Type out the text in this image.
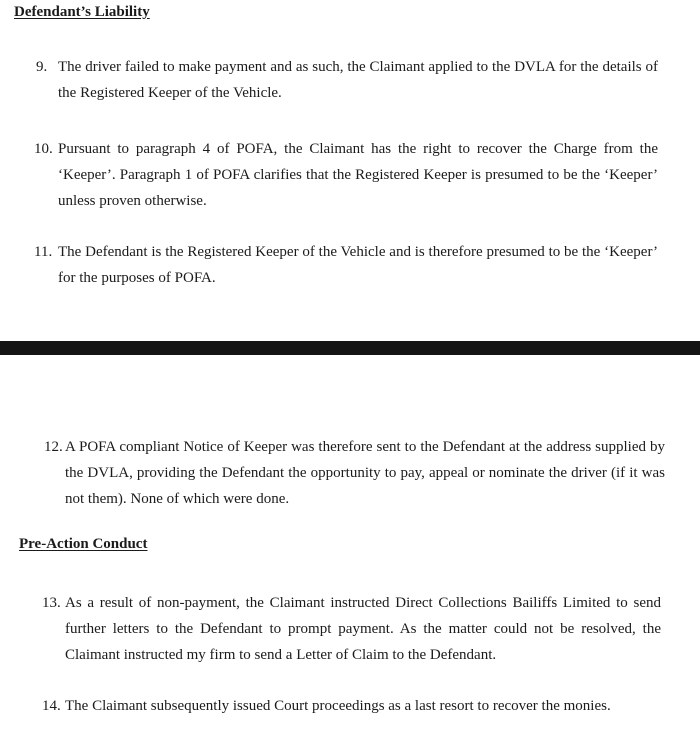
Defendant’s Liability
9. The driver failed to make payment and as such, the Claimant applied to the DVLA for the details of the Registered Keeper of the Vehicle.
10. Pursuant to paragraph 4 of POFA, the Claimant has the right to recover the Charge from the ‘Keeper’. Paragraph 1 of POFA clarifies that the Registered Keeper is presumed to be the ‘Keeper’ unless proven otherwise.
11. The Defendant is the Registered Keeper of the Vehicle and is therefore presumed to be the ‘Keeper’ for the purposes of POFA.
12. A POFA compliant Notice of Keeper was therefore sent to the Defendant at the address supplied by the DVLA, providing the Defendant the opportunity to pay, appeal or nominate the driver (if it was not them). None of which were done.
Pre-Action Conduct
13. As a result of non-payment, the Claimant instructed Direct Collections Bailiffs Limited to send further letters to the Defendant to prompt payment. As the matter could not be resolved, the Claimant instructed my firm to send a Letter of Claim to the Defendant.
14. The Claimant subsequently issued Court proceedings as a last resort to recover the monies.
